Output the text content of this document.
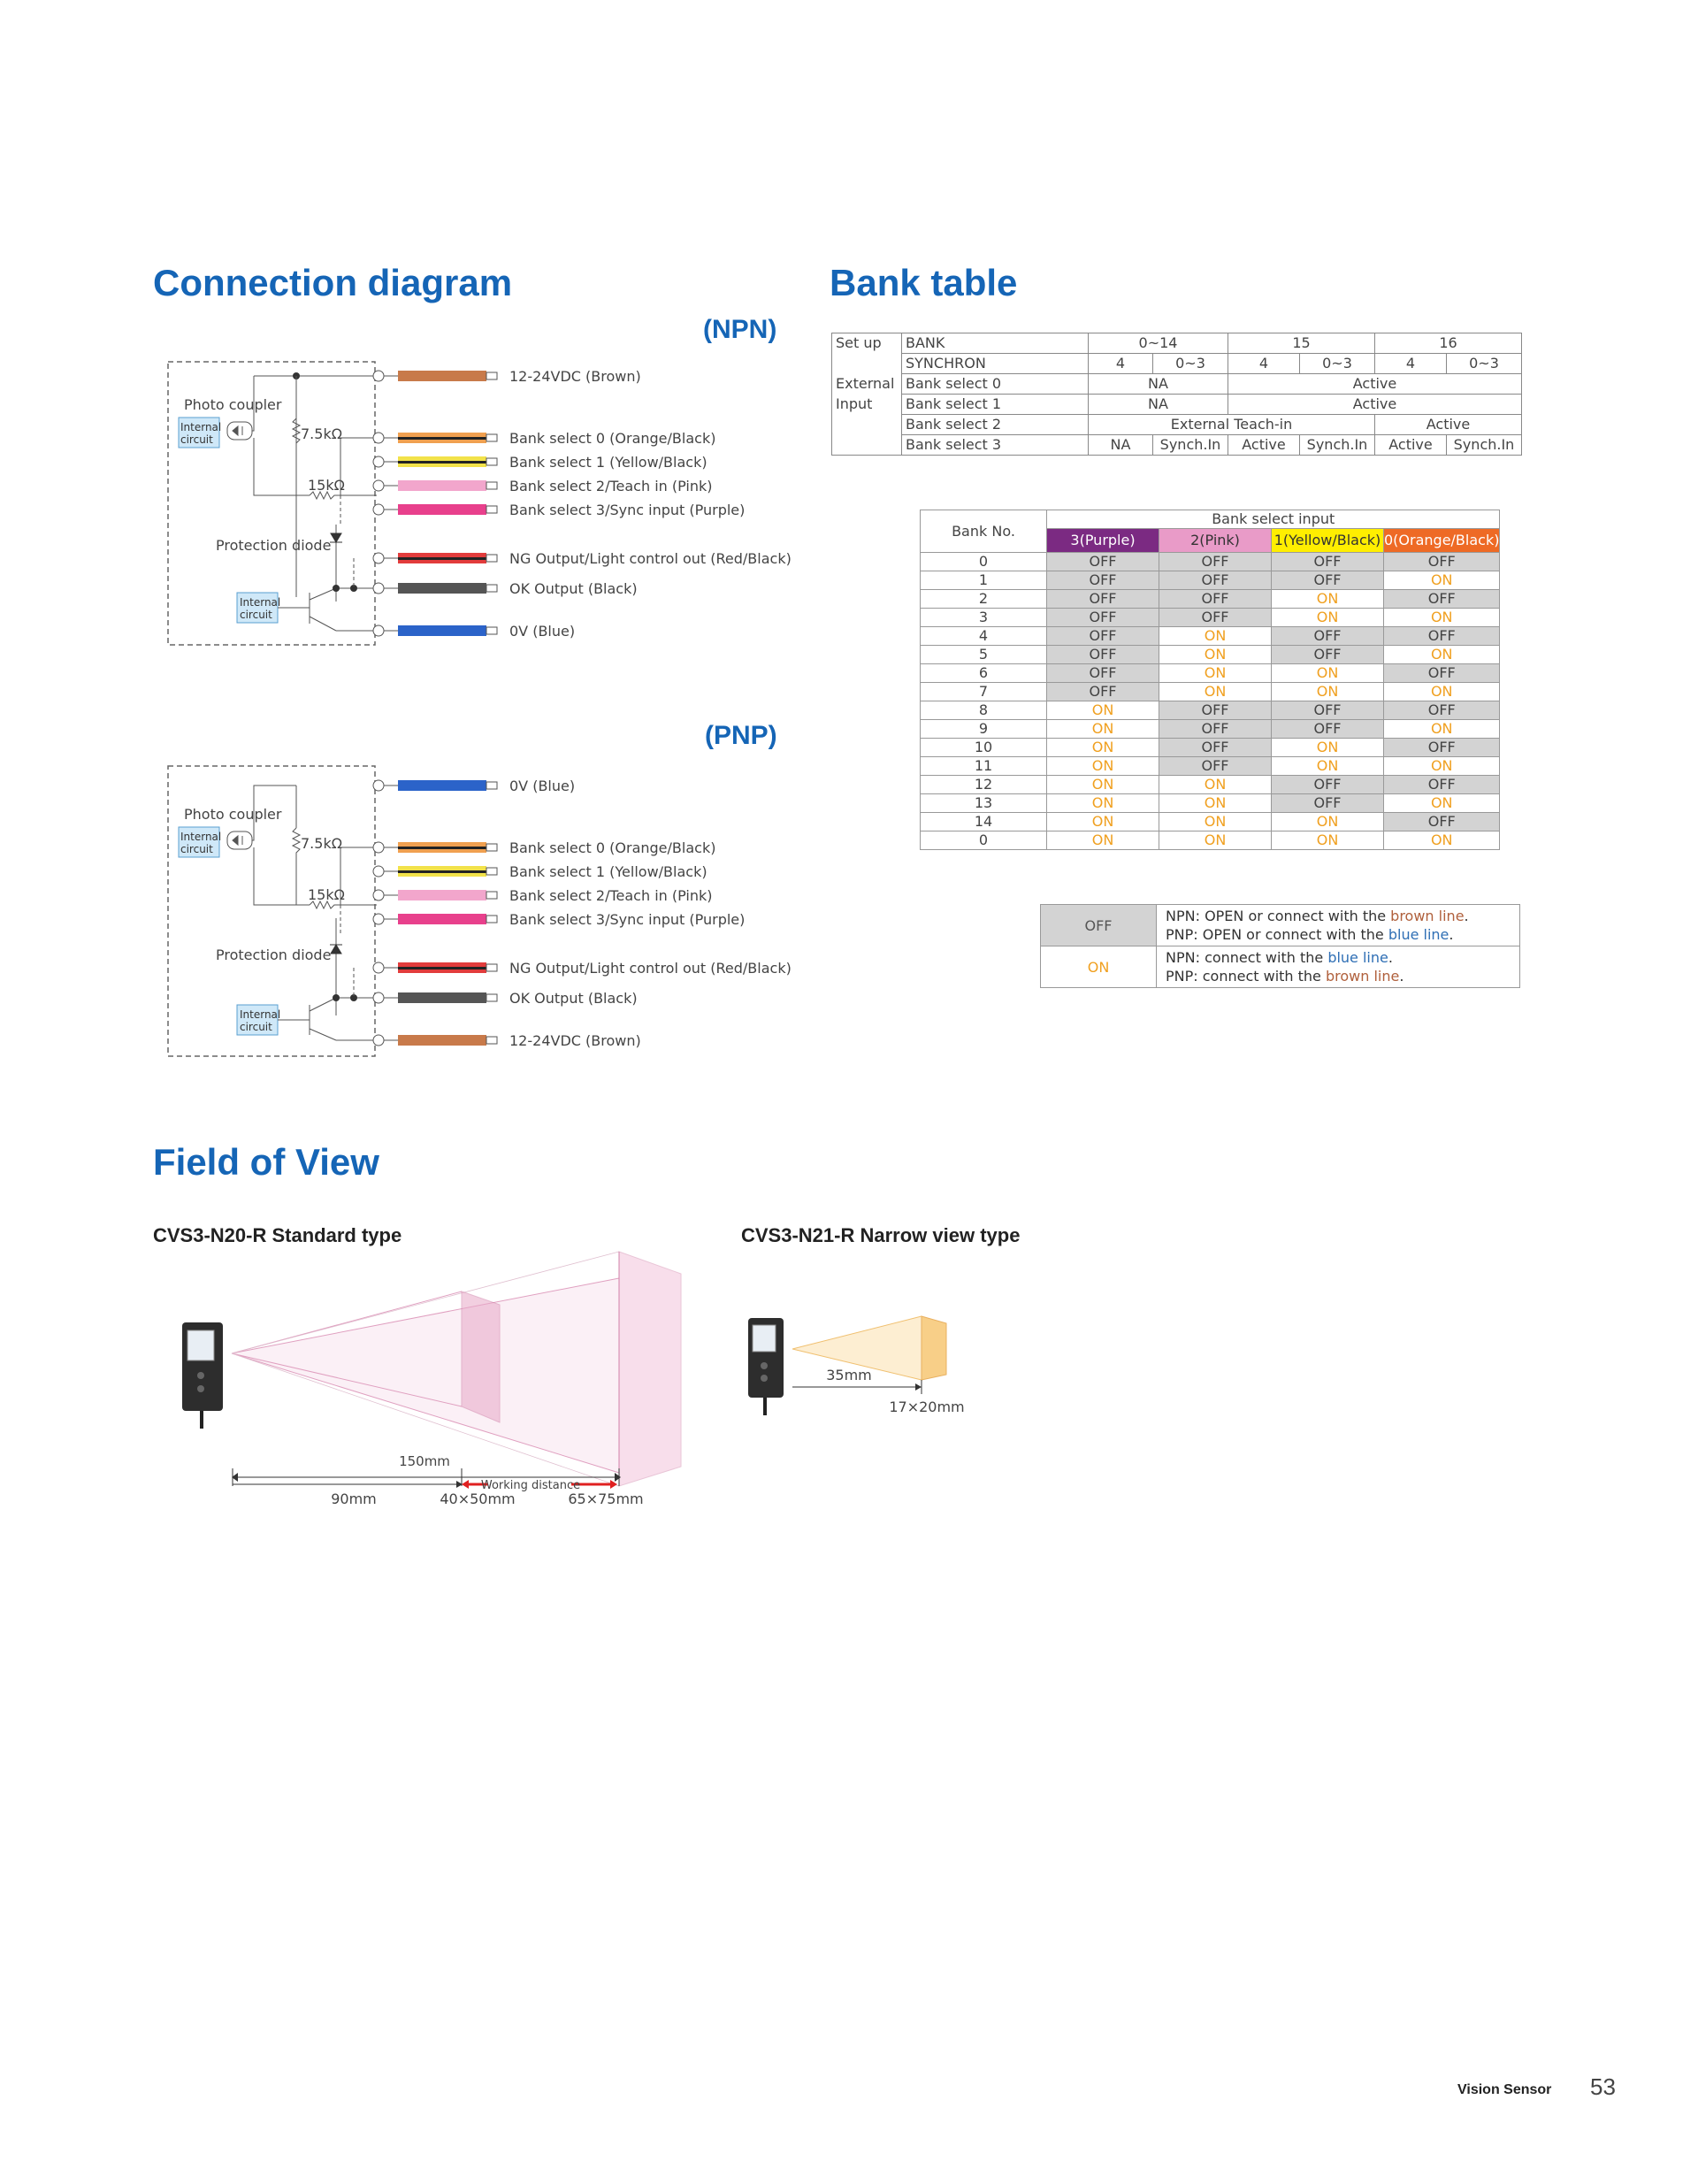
Connection diagram	Bank table
(NPN)
(PNP)
Photo coupler
Internal
circuit	7.5kΩ
15kΩ
Protection diode
Internal
circuit
12-24VDC (Brown)
Bank select 0 (Orange/Black)
Bank select 1 (Yellow/Black)
Bank select 2/Teach in (Pink)
Bank select 3/Sync input (Purple)
NG Output/Light control out (Red/Black)
OK Output (Black)
0V (Blue)
Photo coupler
Internal
circuit	7.5kΩ
15kΩ
Protection diode
Internal
circuit
0V (Blue)
Bank select 0 (Orange/Black)
Bank select 1 (Yellow/Black)
Bank select 2/Teach in (Pink)
Bank select 3/Sync input (Purple)
NG Output/Light control out (Red/Black)
OK Output (Black)
12-24VDC (Brown)
Set up	BANK	0~14		15		16	
	SYNCHRON	4	0~3	4	0~3	4	0~3
External	Bank select 0	NA		Active			
Input	Bank select 1	NA		Active			
	Bank select 2	External Teach-in				Active	
	Bank select 3	NA	Synch.In	Active	Synch.In	Active	Synch.In
Bank No.	Bank select input			
	3(Purple)	2(Pink)	1(Yellow/Black)	0(Orange/Black)
0	OFF	OFF	OFF	OFF
1	OFF	OFF	OFF	ON
2	OFF	OFF	ON	OFF
3	OFF	OFF	ON	ON
4	OFF	ON	OFF	OFF
5	OFF	ON	OFF	ON
6	OFF	ON	ON	OFF
7	OFF	ON	ON	ON
8	ON	OFF	OFF	OFF
9	ON	OFF	OFF	ON
10	ON	OFF	ON	OFF
11	ON	OFF	ON	ON
12	ON	ON	OFF	OFF
13	ON	ON	OFF	ON
14	ON	ON	ON	OFF
0	ON	ON	ON	ON
OFF	NPN: OPEN or connect with the brown line.
PNP: OPEN or connect with the blue line.

ON	NPN: connect with the blue line.
PNP: connect with the brown line.
Field of View
CVS3-N20-R Standard type	CVS3-N21-R Narrow view type
150mm
Working distance
90mm	40×50mm	65×75mm
35mm
17×20mm
Vision Sensor 53
